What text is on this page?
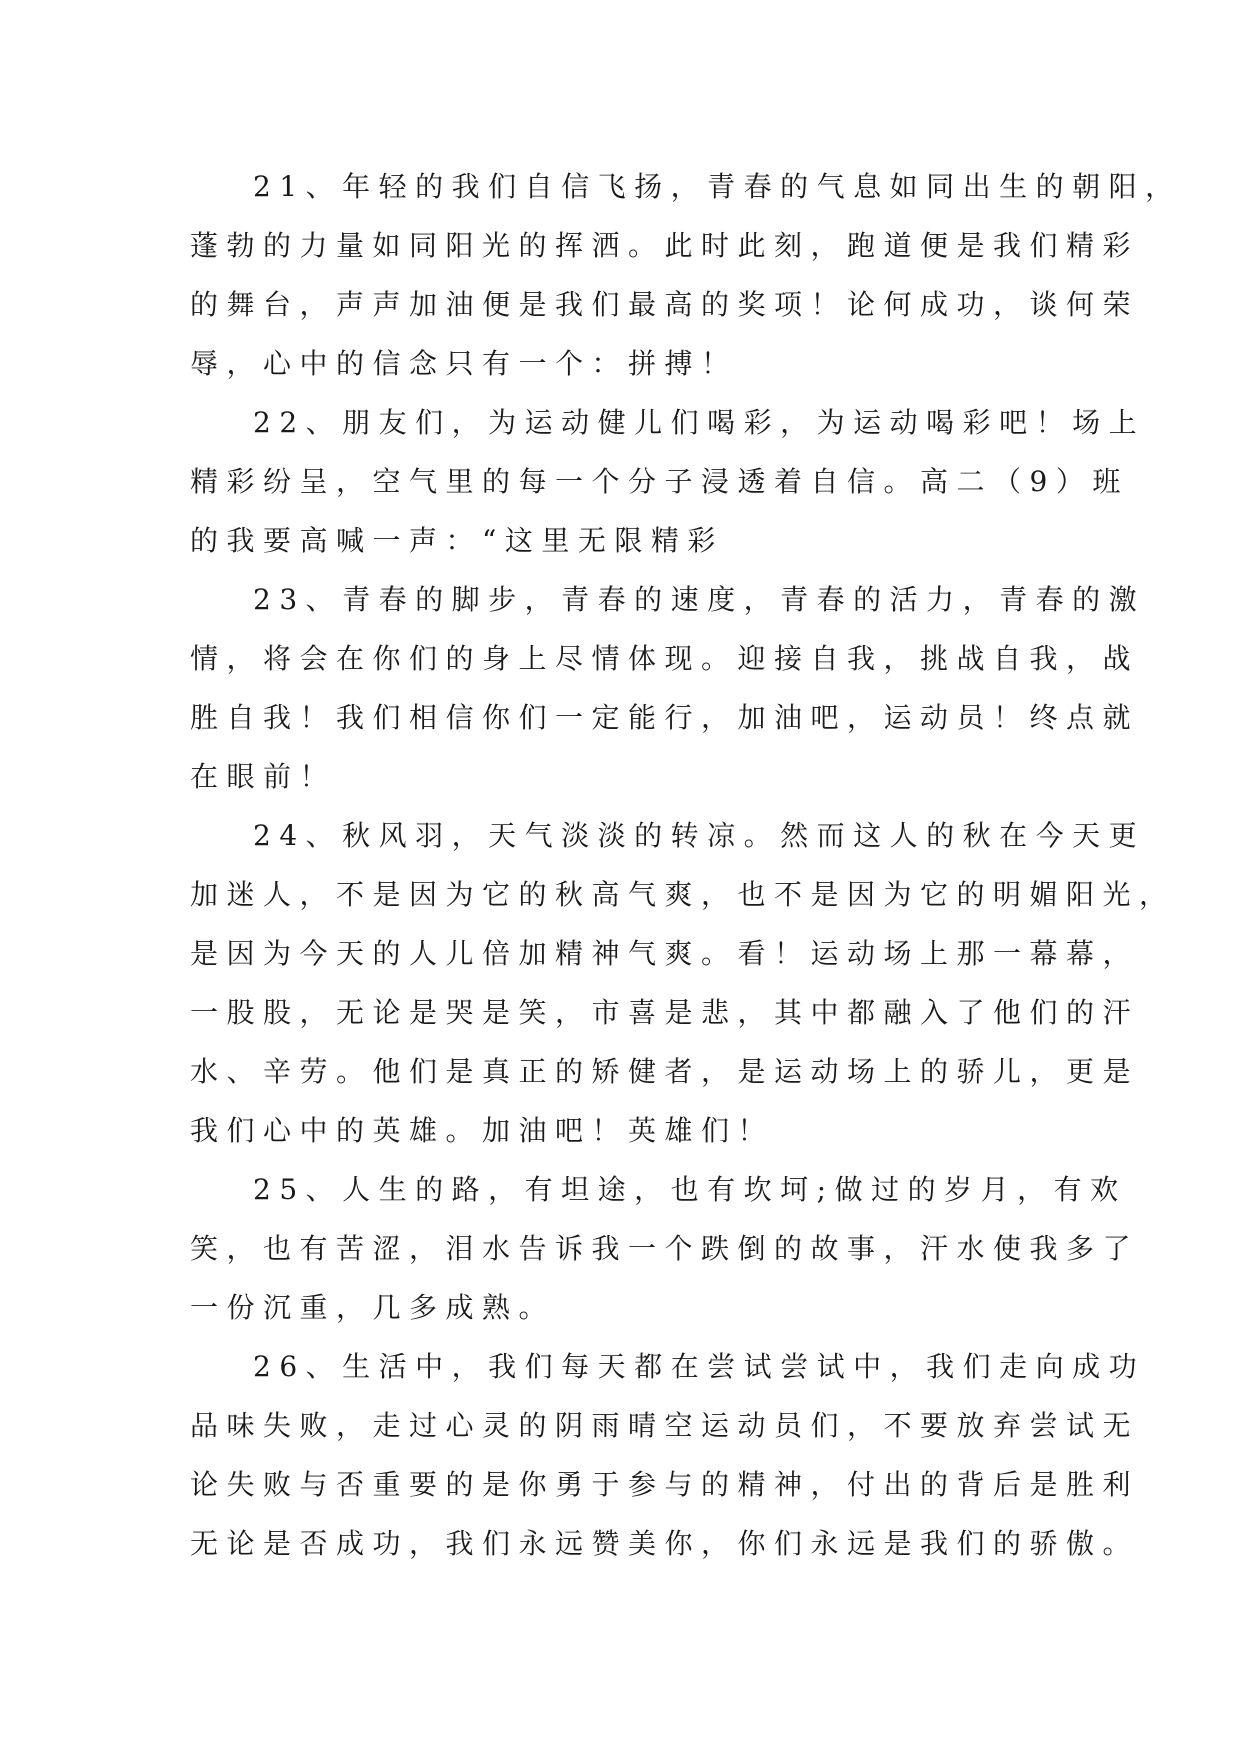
21、年轻的我们自信飞扬，青春的气息如同出生的朝阳，
蓬勃的力量如同阳光的挥洒。此时此刻，跑道便是我们精彩
的舞台，声声加油便是我们最高的奖项！论何成功，谈何荣
辱，心中的信念只有一个：拼搏！
22、朋友们，为运动健儿们喝彩，为运动喝彩吧！场上
精彩纷呈，空气里的每一个分子浸透着自信。高二（9）班
的我要高喊一声：“这里无限精彩
23、青春的脚步，青春的速度，青春的活力，青春的激
情，将会在你们的身上尽情体现。迎接自我，挑战自我，战
胜自我！我们相信你们一定能行，加油吧，运动员！终点就
在眼前！
24、秋风羽，天气淡淡的转凉。然而这人的秋在今天更
加迷人，不是因为它的秋高气爽，也不是因为它的明媚阳光，
是因为今天的人儿倍加精神气爽。看！运动场上那一幕幕，
一股股，无论是哭是笑，市喜是悲，其中都融入了他们的汗
水、辛劳。他们是真正的矫健者，是运动场上的骄儿，更是
我们心中的英雄。加油吧！英雄们！
25、人生的路，有坦途，也有坎坷;做过的岁月，有欢
笑，也有苦涩，泪水告诉我一个跌倒的故事，汗水使我多了
一份沉重，几多成熟。
26、生活中，我们每天都在尝试尝试中，我们走向成功
品味失败，走过心灵的阴雨晴空运动员们，不要放弃尝试无
论失败与否重要的是你勇于参与的精神，付出的背后是胜利
无论是否成功，我们永远赞美你，你们永远是我们的骄傲。
